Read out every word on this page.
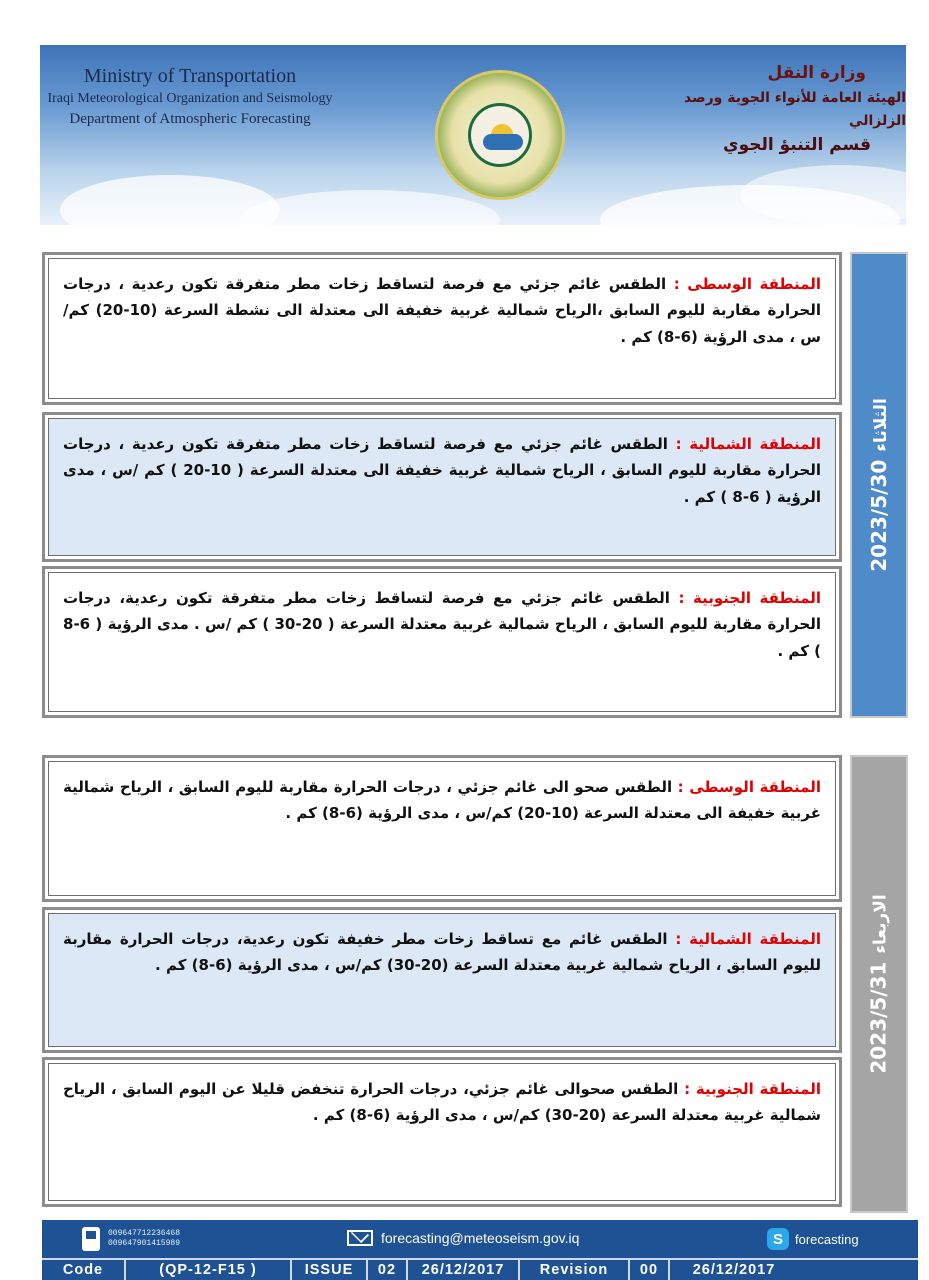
Ministry of Transportation
Iraqi Meteorological Organization and Seismology
Department of Atmospheric Forecasting
وزارة النقل
الهيئة العامة للأنواء الجوية ورصد الزلزالي
قسم التنبؤ الجوي
المنطقة الوسطى : الطقس غائم جزئي مع فرصة لتساقط زخات مطر متفرقة تكون رعدية ، درجات الحرارة مقاربة لليوم السابق ،الرياح شمالية غربية خفيفة الى معتدلة الى نشطة السرعة (10-20) كم/س ، مدى الرؤية (6-8) كم .
المنطقة الشمالية : الطقس غائم جزئي مع فرصة لتساقط زخات مطر متفرقة تكون رعدية ، درجات الحرارة مقاربة لليوم السابق ، الرياح شمالية غربية خفيفة الى معتدلة السرعة ( 10-20 ) كم /س ، مدى الرؤية ( 6-8 ) كم .
المنطقة الجنوبية : الطقس غائم جزئي مع فرصة لتساقط زخات مطر متفرقة تكون رعدية، درجات الحرارة مقاربة لليوم السابق ، الرياح شمالية غربية معتدلة السرعة ( 20-30 ) كم /س . مدى الرؤية ( 6-8 ) كم .
2023/5/30
الثلاثاء
المنطقة الوسطى : الطقس صحو الى غائم جزئي ، درجات الحرارة مقاربة لليوم السابق ، الرياح شمالية غربية خفيفة الى معتدلة السرعة (10-20) كم/س ، مدى الرؤية (6-8) كم .
المنطقة الشمالية : الطقس غائم مع تساقط زخات مطر خفيفة تكون رعدية، درجات الحرارة مقاربة لليوم السابق ، الرياح شمالية غربية معتدلة السرعة (20-30) كم/س ، مدى الرؤية (6-8) كم .
المنطقة الجنوبية : الطقس صحوالى غائم جزئي، درجات الحرارة تنخفض قليلا عن اليوم السابق ، الرياح شمالية غربية معتدلة السرعة (20-30) كم/س ، مدى الرؤية (6-8) كم .
2023/5/31
الاربعاء
009647712236468
009647901415989	forecasting@meteoseism.gov.iq	S forecasting
Code	(QP-12-F15 )	ISSUE	02	26/12/2017	Revision	00	26/12/2017
